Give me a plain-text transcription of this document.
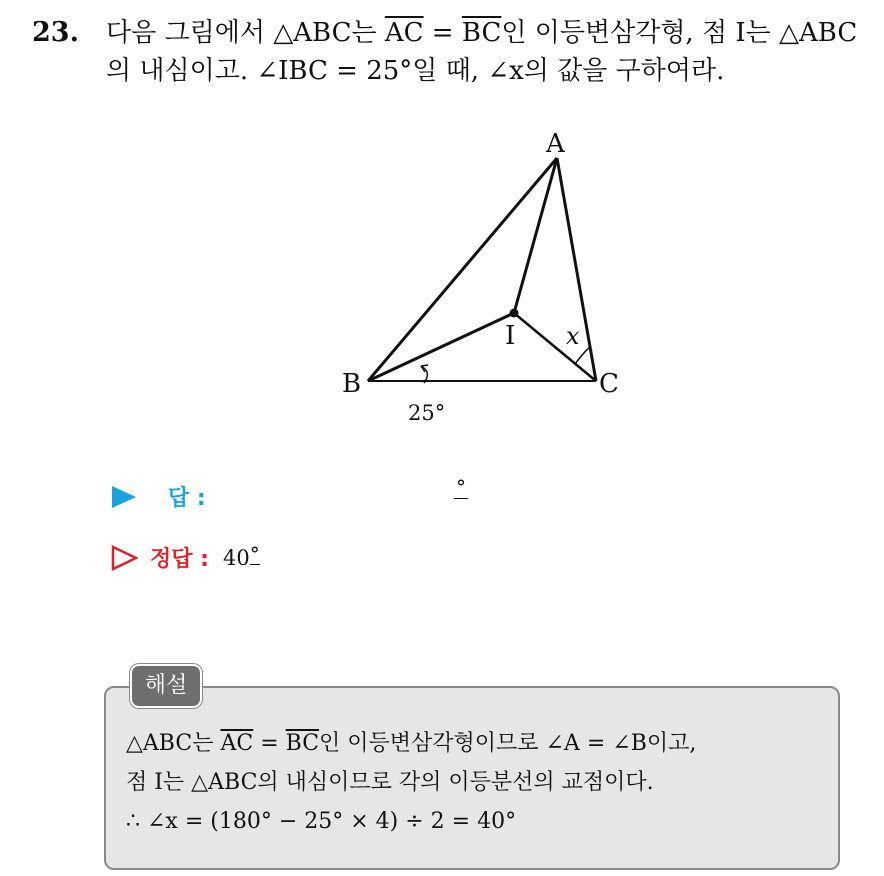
23. 다음 그림에서 △ABC는 $\overline{AC} = \overline{BC}$인 이등변삼각형, 점 I는 △ABC
의 내심이고. ∠IBC = 25°일 때, ∠x의 값을 구하여라.
A
B	C
I x
25°
답 :	°
정답 : 40 °
△ABC는 $\overline{AC} = \overline{BC}$인 이등변삼각형이므로 ∠A = ∠B이고,
점 I는 △ABC의 내심이므로 각의 이등분선의 교점이다.
∴ ∠x = (180° − 25° × 4) ÷ 2 = 40°
해설
